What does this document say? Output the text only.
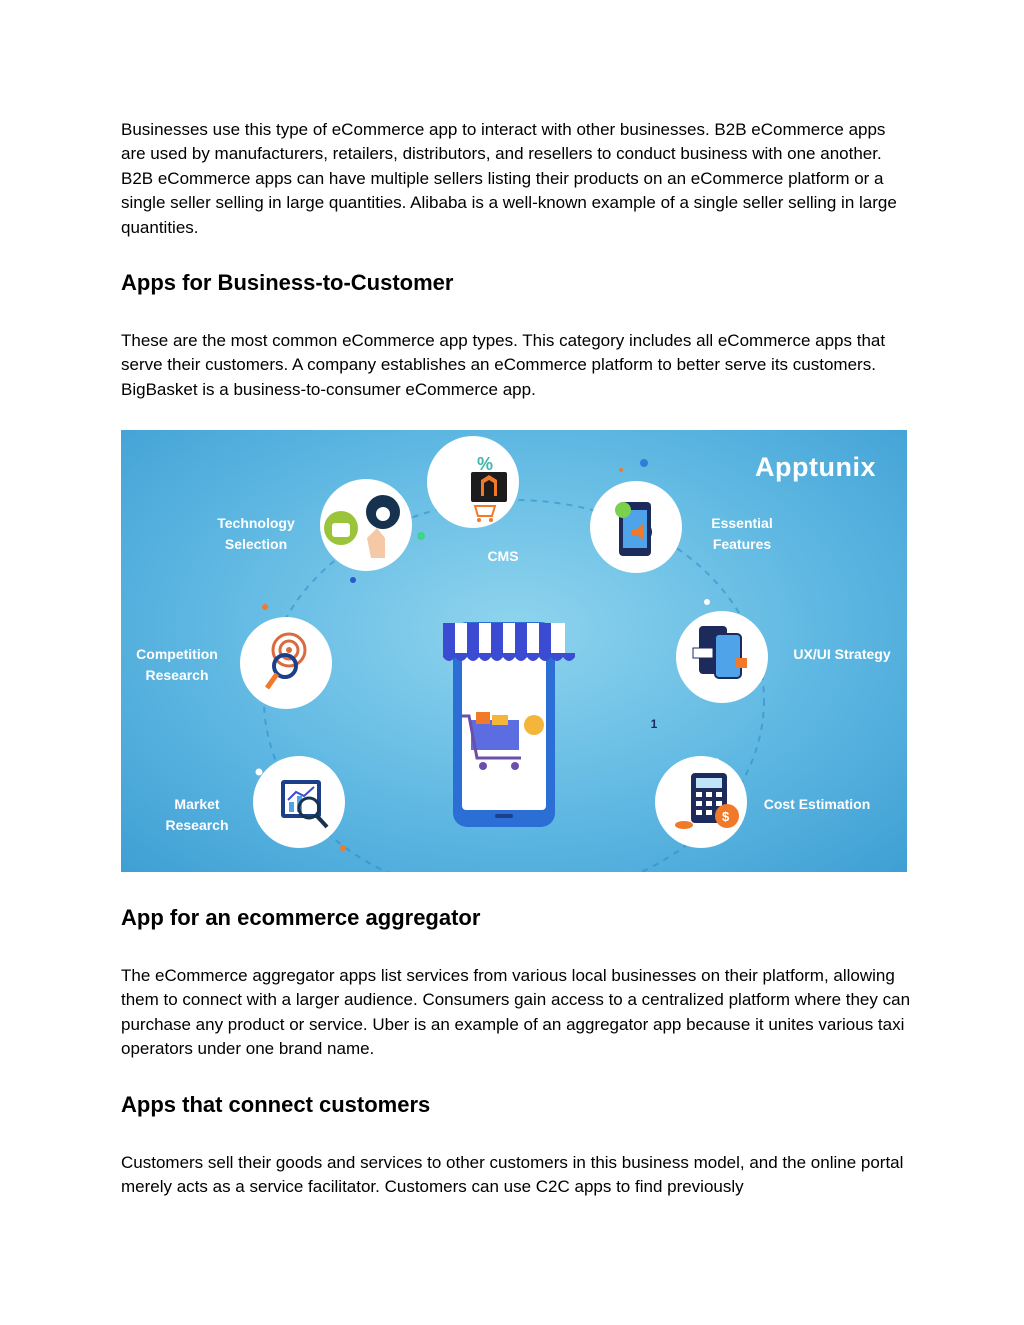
Businesses use this type of eCommerce app to interact with other businesses. B2B eCommerce apps are used by manufacturers, retailers, distributors, and resellers to conduct business with one another. B2B eCommerce apps can have multiple sellers listing their products on an eCommerce platform or a single seller selling in large quantities. Alibaba is a well-known example of a single seller selling in large quantities.

Apps for Business-to-Customer

These are the most common eCommerce app types. This category includes all eCommerce apps that serve their customers. A company establishes an eCommerce platform to better serve its customers. BigBasket is a business-to-consumer eCommerce app.

%
$
Apptunix
Technology
Selection
CMS
Essential
Features
Competition
Research
UX/UI Strategy
Market
Research
Cost Estimation
1
App for an ecommerce aggregator

The eCommerce aggregator apps list services from various local businesses on their platform, allowing them to connect with a larger audience. Consumers gain access to a centralized platform where they can purchase any product or service. Uber is an example of an aggregator app because it unites various taxi operators under one brand name.

Apps that connect customers

Customers sell their goods and services to other customers in this business model, and the online portal merely acts as a service facilitator. Customers can use C2C apps to find previously
